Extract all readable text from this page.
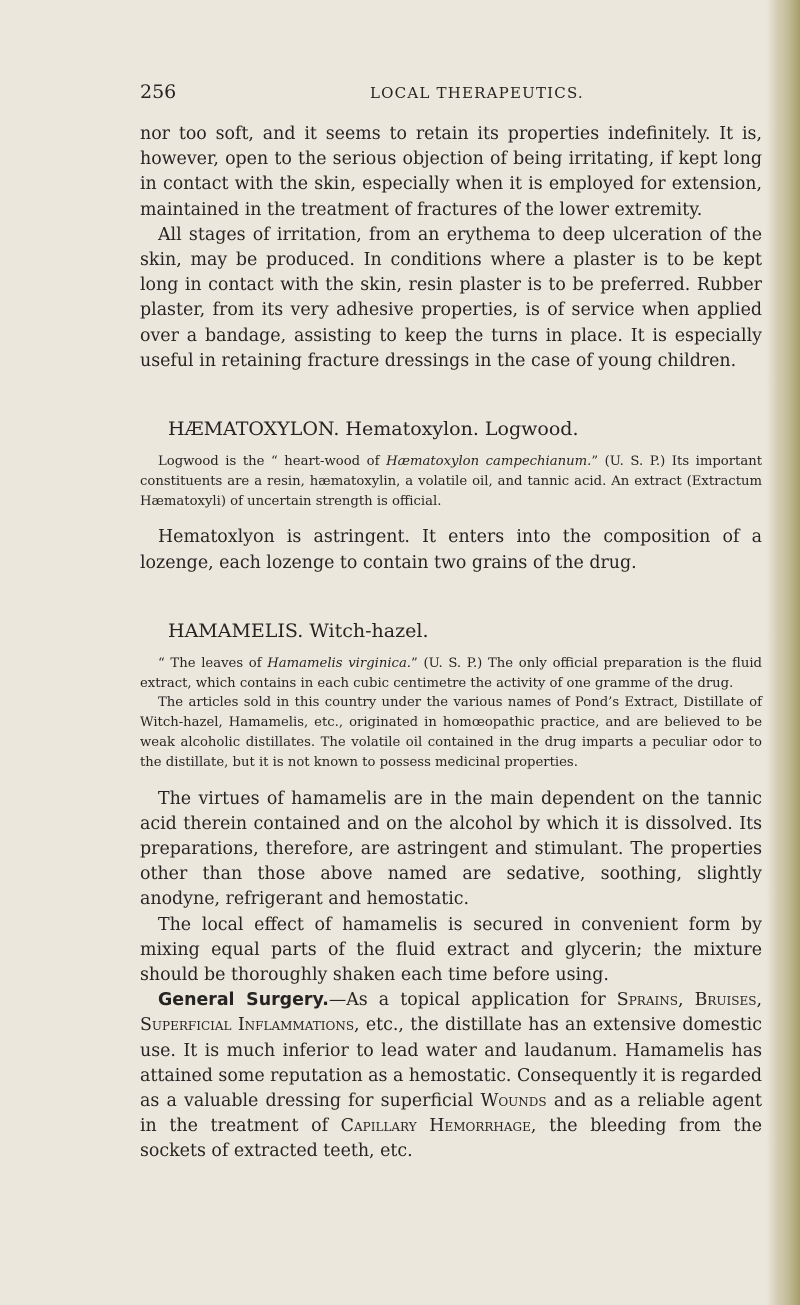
256	LOCAL THERAPEUTICS.

nor too soft, and it seems to retain its properties indefinitely. It is, however, open to the serious objection of being irritating, if kept long in contact with the skin, especially when it is employed for extension, maintained in the treatment of fractures of the lower extremity.

All stages of irritation, from an erythema to deep ulceration of the skin, may be produced. In conditions where a plaster is to be kept long in contact with the skin, resin plaster is to be preferred. Rubber plaster, from its very adhesive properties, is of service when applied over a bandage, assisting to keep the turns in place. It is especially useful in retaining fracture dressings in the case of young children.

HÆMATOXYLON. Hematoxylon. Logwood.

Logwood is the “ heart-wood of Hæmatoxylon campechianum.” (U. S. P.) Its important constituents are a resin, hæmatoxylin, a volatile oil, and tannic acid. An extract (Extractum Hæmatoxyli) of uncertain strength is official.

Hematoxlyon is astringent. It enters into the composition of a lozenge, each lozenge to contain two grains of the drug.

HAMAMELIS. Witch-hazel.

“ The leaves of Hamamelis virginica.” (U. S. P.) The only official preparation is the fluid extract, which contains in each cubic centimetre the activity of one gramme of the drug.

The articles sold in this country under the various names of Pond’s Extract, Distillate of Witch-hazel, Hamamelis, etc., originated in homœopathic practice, and are believed to be weak alcoholic distillates. The volatile oil contained in the drug imparts a peculiar odor to the distillate, but it is not known to possess medicinal properties.

The virtues of hamamelis are in the main dependent on the tannic acid therein contained and on the alcohol by which it is dissolved. Its preparations, therefore, are astringent and stimulant. The properties other than those above named are sedative, soothing, slightly anodyne, refrigerant and hemostatic.

The local effect of hamamelis is secured in convenient form by mixing equal parts of the fluid extract and glycerin; the mixture should be thoroughly shaken each time before using.

General Surgery.—As a topical application for Sprains, Bruises, Superficial Inflammations, etc., the distillate has an extensive domestic use. It is much inferior to lead water and laudanum. Hamamelis has attained some reputation as a hemostatic. Consequently it is regarded as a valuable dressing for superficial Wounds and as a reliable agent in the treatment of Capillary Hemorrhage, the bleeding from the sockets of extracted teeth, etc.
